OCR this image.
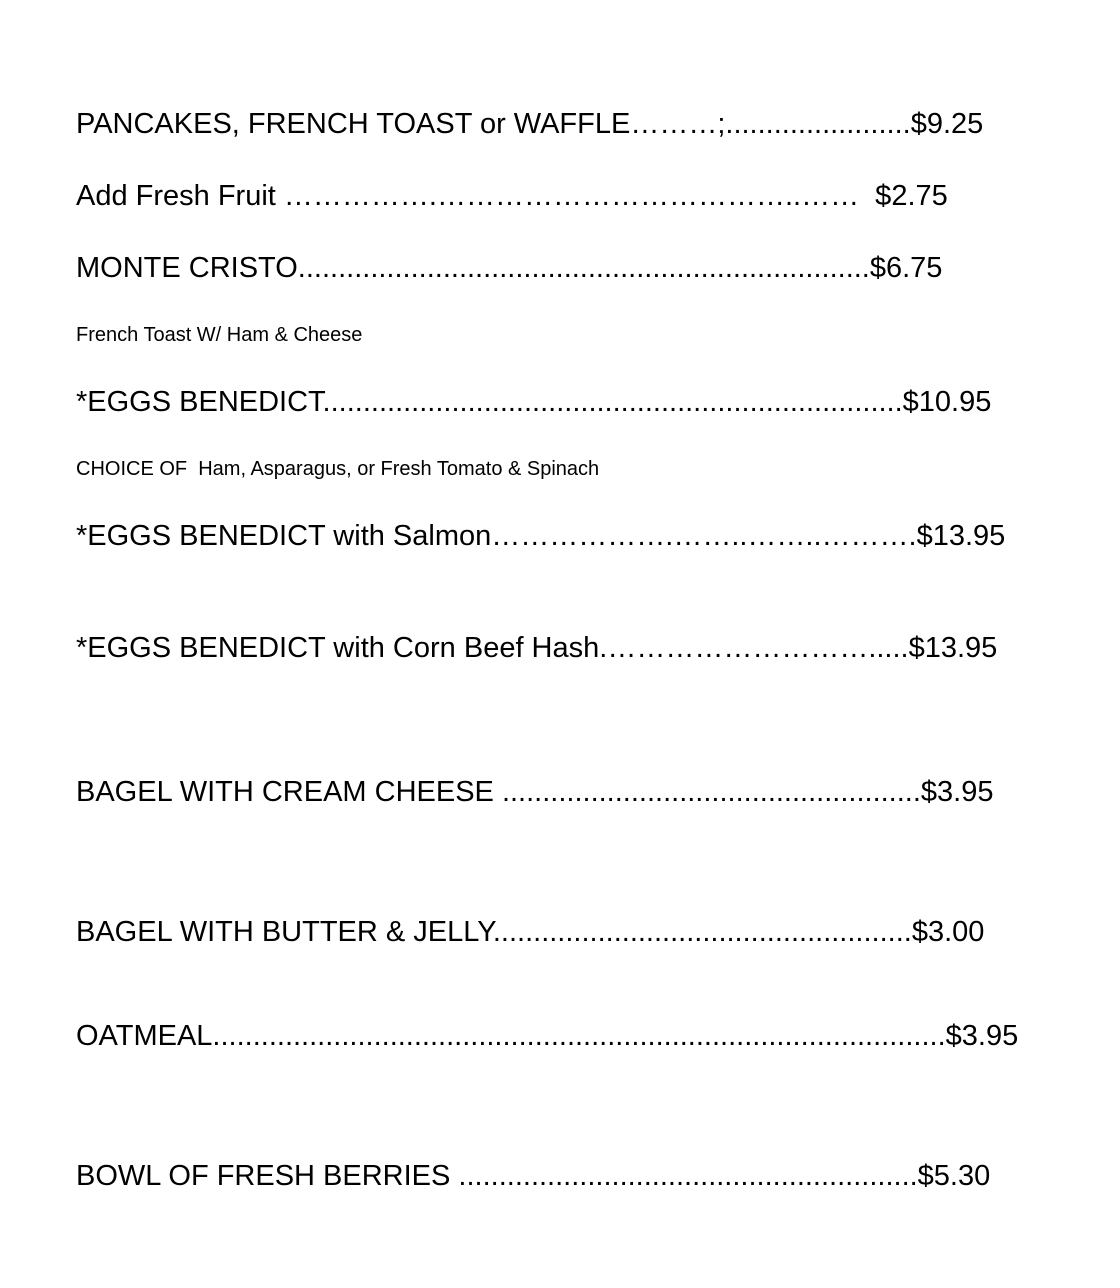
PANCAKES, FRENCH TOAST or WAFFLE………;.......................$9.25
Add Fresh Fruit …………….………………………………..……  $2.75
MONTE CRISTO.......................................................................$6.75
French Toast W/ Ham & Cheese
*EGGS BENEDICT........................................................................$10.95
CHOICE OF  Ham, Asparagus, or Fresh Tomato & Spinach
*EGGS BENEDICT with Salmon……………….……..……..……….$13.95
*EGGS BENEDICT with Corn Beef Hash.……………………….....$13.95
BAGEL WITH CREAM CHEESE ....................................................$3.95
BAGEL WITH BUTTER & JELLY....................................................$3.00
OATMEAL...........................................................................................$3.95
BOWL OF FRESH BERRIES .........................................................$5.30
